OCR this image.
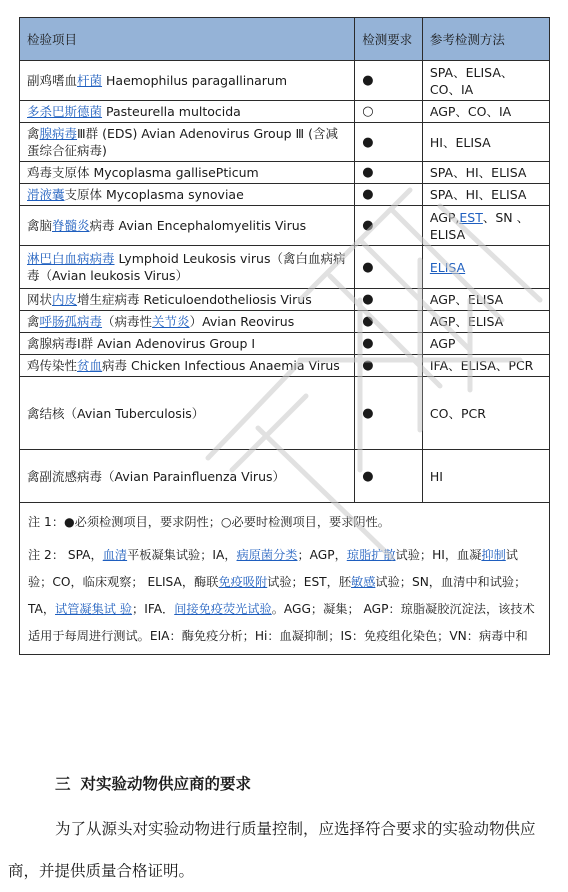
检验项目	检测要求	参考检测方法
副鸡嗜血杆菌 Haemophilus paragallinarum	●	SPA、ELISA、CO、IA
多杀巴斯德菌 Pasteurella multocida	○	AGP、CO、IA
禽腺病毒Ⅲ群 (EDS) Avian Adenovirus Group Ⅲ (含减蛋综合征病毒)	●	HI、ELISA
鸡毒支原体 Mycoplasma gallisePticum	●	SPA、HI、ELISA
滑液囊支原体 Mycoplasma synoviae	●	SPA、HI、ELISA
禽脑脊髓炎病毒 Avian Encephalomyelitis Virus	●	AGP,EST、SN 、ELISA
淋巴白血病病毒 Lymphoid Leukosis virus（禽白血病病毒（Avian leukosis Virus）	●	ELISA
网状内皮增生症病毒 Reticuloendotheliosis Virus	●	AGP、ELISA
禽呼肠孤病毒（病毒性关节炎）Avian Reovirus	●	AGP、ELISA
禽腺病毒Ⅰ群 Avian Adenovirus Group Ⅰ	●	AGP
鸡传染性贫血病毒 Chicken Infectious Anaemia Virus	●	IFA、ELISA、PCR
禽结核（Avian Tuberculosis）	●	CO、PCR
禽副流感病毒（Avian Parainfluenza Virus）	●	HI

注 1：●必须检测项目，要求阴性；○必要时检测项目，要求阴性。
注 2： SPA，血清平板凝集试验；IA，病原菌分类；AGP，琼脂扩散试验；HI，血凝抑制试验；CO，临床观察； ELISA，酶联免疫吸附试验；EST，胚敏感试验；SN，血清中和试验；TA，试管凝集试 验；IFA．间接免疫荧光试验。AGG；凝集； AGP：琼脂凝胶沉淀法，该技术适用于每周进行测试。EIA：酶免疫分析；Hi：血凝抑制；IS：免疫组化染色；VN：病毒中和		
三 对实验动物供应商的要求
为了从源头对实验动物进行质量控制，应选择符合要求的实验动物供应商，并提供质量合格证明。
